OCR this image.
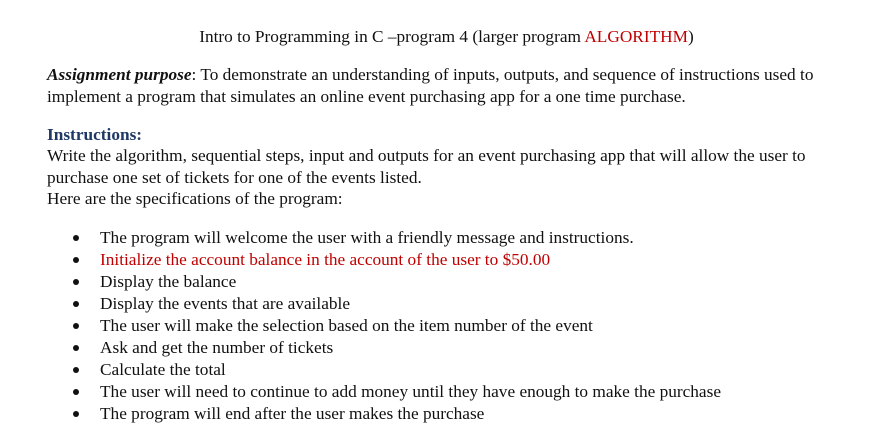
Intro to Programming in C –program 4 (larger program ALGORITHM)

Assignment purpose: To demonstrate an understanding of inputs, outputs, and sequence of instructions used to implement a program that simulates an online event purchasing app for a one time purchase.

Instructions:

Write the algorithm, sequential steps, input and outputs for an event purchasing app that will allow the user to purchase one set of tickets for one of the events listed.
Here are the specifications of the program:

The program will welcome the user with a friendly message and instructions.
Initialize the account balance in the account of the user to $50.00
Display the balance
Display the events that are available
The user will make the selection based on the item number of the event
Ask and get the number of tickets
Calculate the total
The user will need to continue to add money until they have enough to make the purchase
The program will end after the user makes the purchase
